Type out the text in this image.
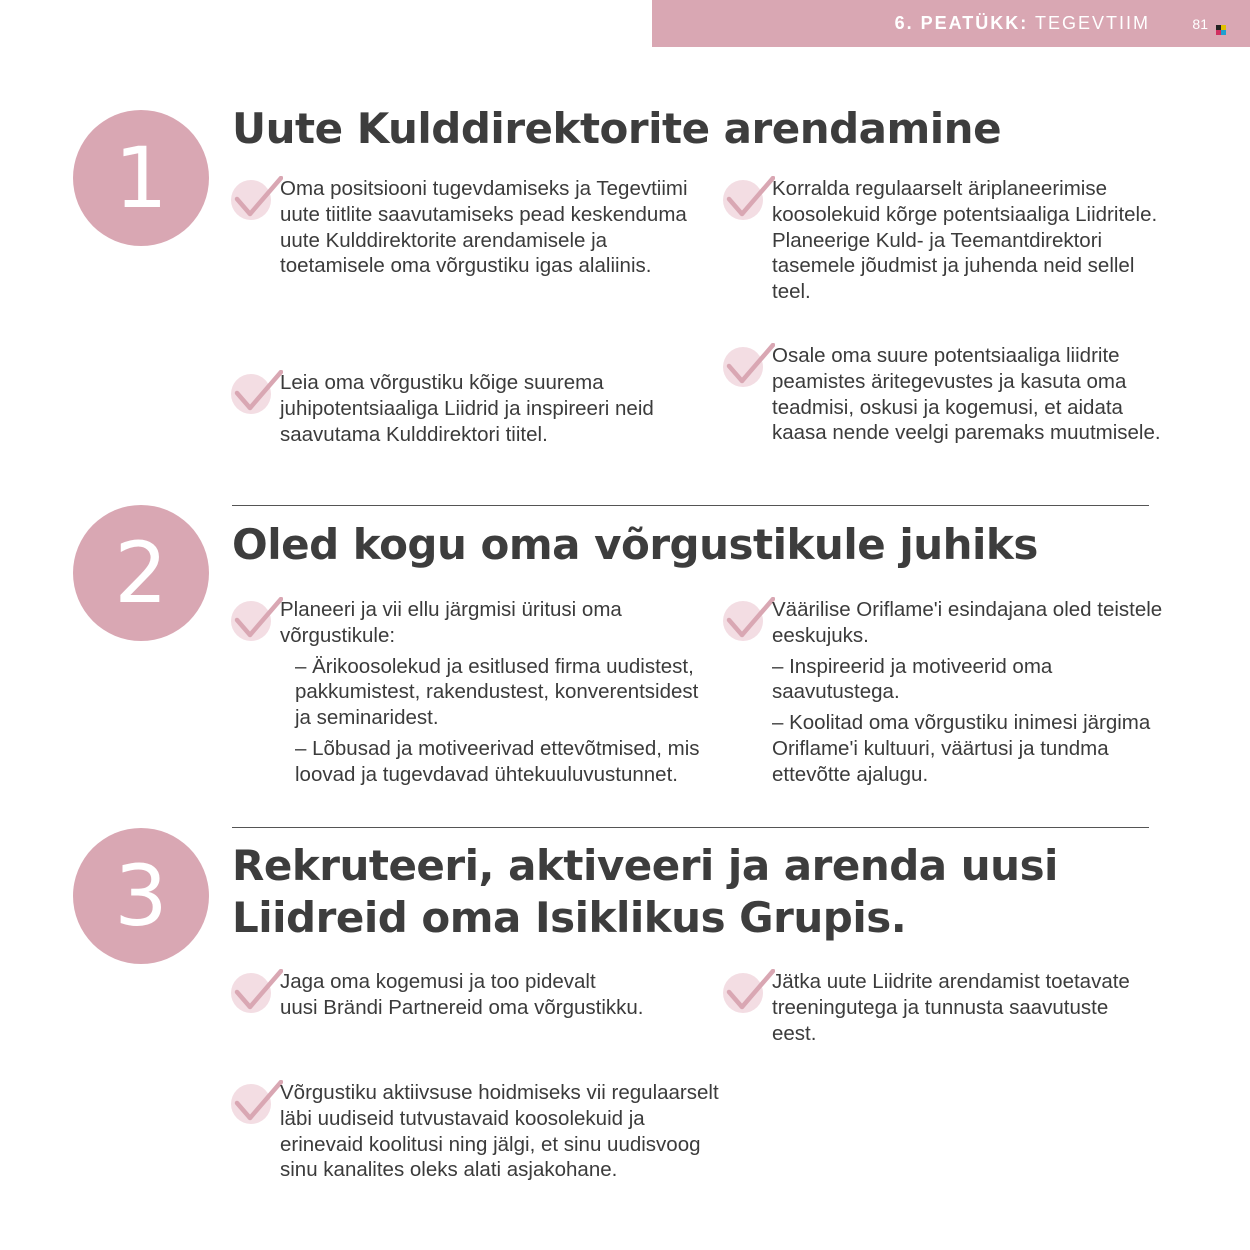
6. PEATÜKK: TEGEVTIIM	81
1
Uute Kulddirektorite arendamine

Oma positsiooni tugevdamiseks ja Tegevtiimi

uute tiitlite saavutamiseks pead keskenduma

uute Kulddirektorite arendamisele ja

toetamisele oma võrgustiku igas alaliinis.

Korralda regulaarselt äriplaneerimise

koosolekuid kõrge potentsiaaliga Liidritele.

Planeerige Kuld- ja Teemantdirektori

tasemele jõudmist ja juhenda neid sellel

teel.

Leia oma võrgustiku kõige suurema

juhipotentsiaaliga Liidrid ja inspireeri neid

saavutama Kulddirektori tiitel.

Osale oma suure potentsiaaliga liidrite

peamistes äritegevustes ja kasuta oma

teadmisi, oskusi ja kogemusi, et aidata

kaasa nende veelgi paremaks muutmisele.

2	Oled kogu oma võrgustikule juhiks

Planeeri ja vii ellu järgmisi üritusi oma

võrgustikule:

– Ärikoosolekud ja esitlused firma uudistest,

pakkumistest, rakendustest, konverentsidest

ja seminaridest.

– Lõbusad ja motiveerivad ettevõtmised, mis

loovad ja tugevdavad ühtekuuluvustunnet.

Väärilise Oriflame'i esindajana oled teistele

eeskujuks.

– Inspireerid ja motiveerid oma

saavutustega.

– Koolitad oma võrgustiku inimesi järgima

Oriflame'i kultuuri, väärtusi ja tundma

ettevõtte ajalugu.

3	Rekruteeri, aktiveeri ja arenda uusi
Liidreid oma Isiklikus Grupis.

Jaga oma kogemusi ja too pidevalt

uusi Brändi Partnereid oma võrgustikku.

Jätka uute Liidrite arendamist toetavate

treeningutega ja tunnusta saavutuste

eest.

Võrgustiku aktiivsuse hoidmiseks vii regulaarselt

läbi uudiseid tutvustavaid koosolekuid ja

erinevaid koolitusi ning jälgi, et sinu uudisvoog

sinu kanalites oleks alati asjakohane.
